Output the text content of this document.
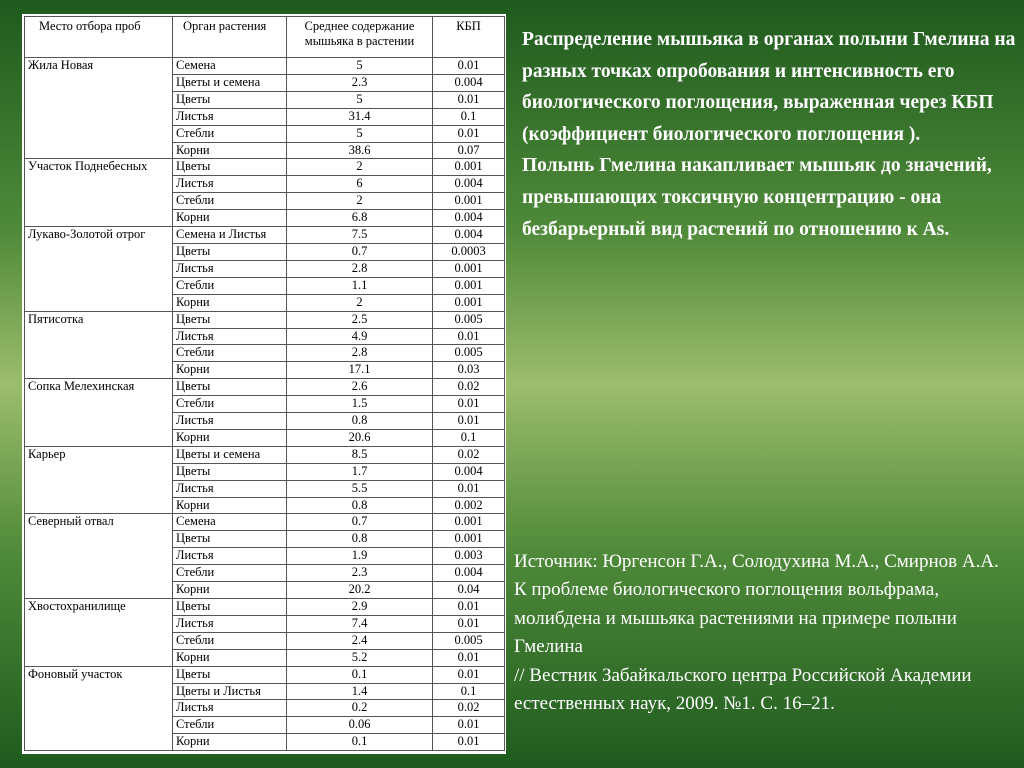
Место отбора проб	Орган растения	Среднее содержание мышьяка в растении	КБП
Жила Новая	Семена	5	0.01
	Цветы и семена	2.3	0.004
	Цветы	5	0.01
	Листья	31.4	0.1
	Стебли	5	0.01
	Корни	38.6	0.07
Участок Поднебесных	Цветы	2	0.001
	Листья	6	0.004
	Стебли	2	0.001
	Корни	6.8	0.004
Лукаво-Золотой отрог	Семена и Листья	7.5	0.004
	Цветы	0.7	0.0003
	Листья	2.8	0.001
	Стебли	1.1	0.001
	Корни	2	0.001
Пятисотка	Цветы	2.5	0.005
	Листья	4.9	0.01
	Стебли	2.8	0.005
	Корни	17.1	0.03
Сопка Мелехинская	Цветы	2.6	0.02
	Стебли	1.5	0.01
	Листья	0.8	0.01
	Корни	20.6	0.1
Карьер	Цветы и семена	8.5	0.02
	Цветы	1.7	0.004
	Листья	5.5	0.01
	Корни	0.8	0.002
Северный отвал	Семена	0.7	0.001
	Цветы	0.8	0.001
	Листья	1.9	0.003
	Стебли	2.3	0.004
	Корни	20.2	0.04
Хвостохранилище	Цветы	2.9	0.01
	Листья	7.4	0.01
	Стебли	2.4	0.005
	Корни	5.2	0.01
Фоновый участок	Цветы	0.1	0.01
	Цветы и Листья	1.4	0.1
	Листья	0.2	0.02
	Стебли	0.06	0.01
	Корни	0.1	0.01

Распределение мышьяка в органах полыни Гмелина на разных точках опробования и интенсивность его биологического поглощения, выраженная через КБП (коэффициент биологического поглощения ).

Полынь Гмелина накапливает мышьяк до значений, превышающих токсичную концентрацию - она безбарьерный вид растений по отношению к As.

Источник: Юргенсон Г.А., Солодухина М.А., Смирнов А.А. К проблеме биологического поглощения вольфрама, молибдена и мышьяка растениями на примере полыни Гмелина

// Вестник Забайкальского центра Российской Академии естественных наук, 2009. №1. С. 16–21.
